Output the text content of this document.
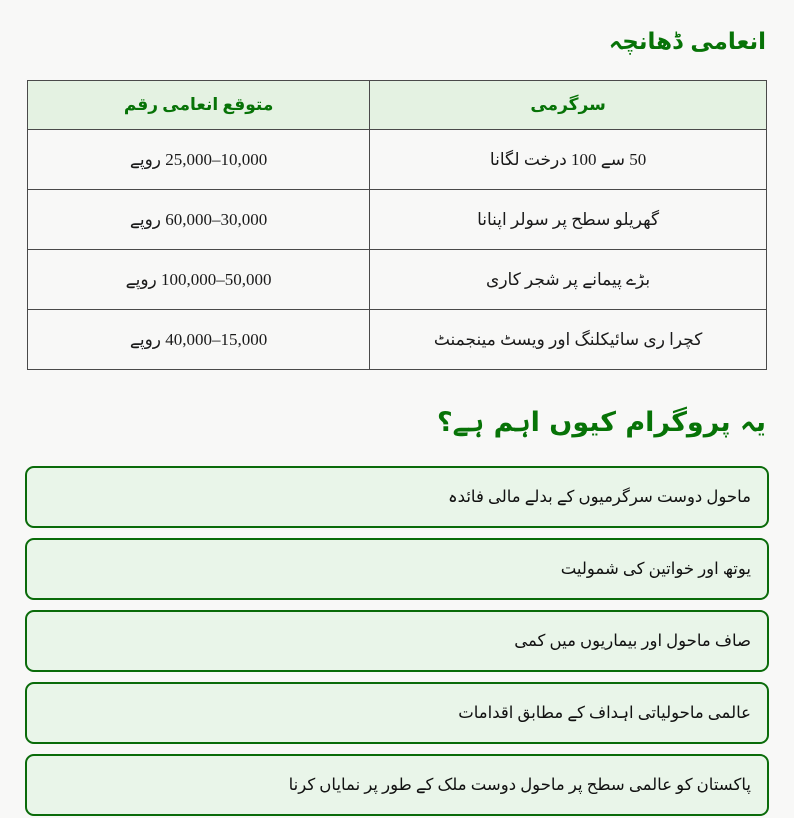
انعامی ڈھانچہ
سرگرمی	متوقع انعامی رقم
50 سے 100 درخت لگانا	10,000–25,000 روپے
گھریلو سطح پر سولر اپنانا	30,000–60,000 روپے
بڑے پیمانے پر شجر کاری	50,000–100,000 روپے
کچرا ری سائیکلنگ اور ویسٹ مینجمنٹ	15,000–40,000 روپے
یہ پروگرام کیوں اہم ہے؟
ماحول دوست سرگرمیوں کے بدلے مالی فائدہ
یوتھ اور خواتین کی شمولیت
صاف ماحول اور بیماریوں میں کمی
عالمی ماحولیاتی اہداف کے مطابق اقدامات
پاکستان کو عالمی سطح پر ماحول دوست ملک کے طور پر نمایاں کرنا
